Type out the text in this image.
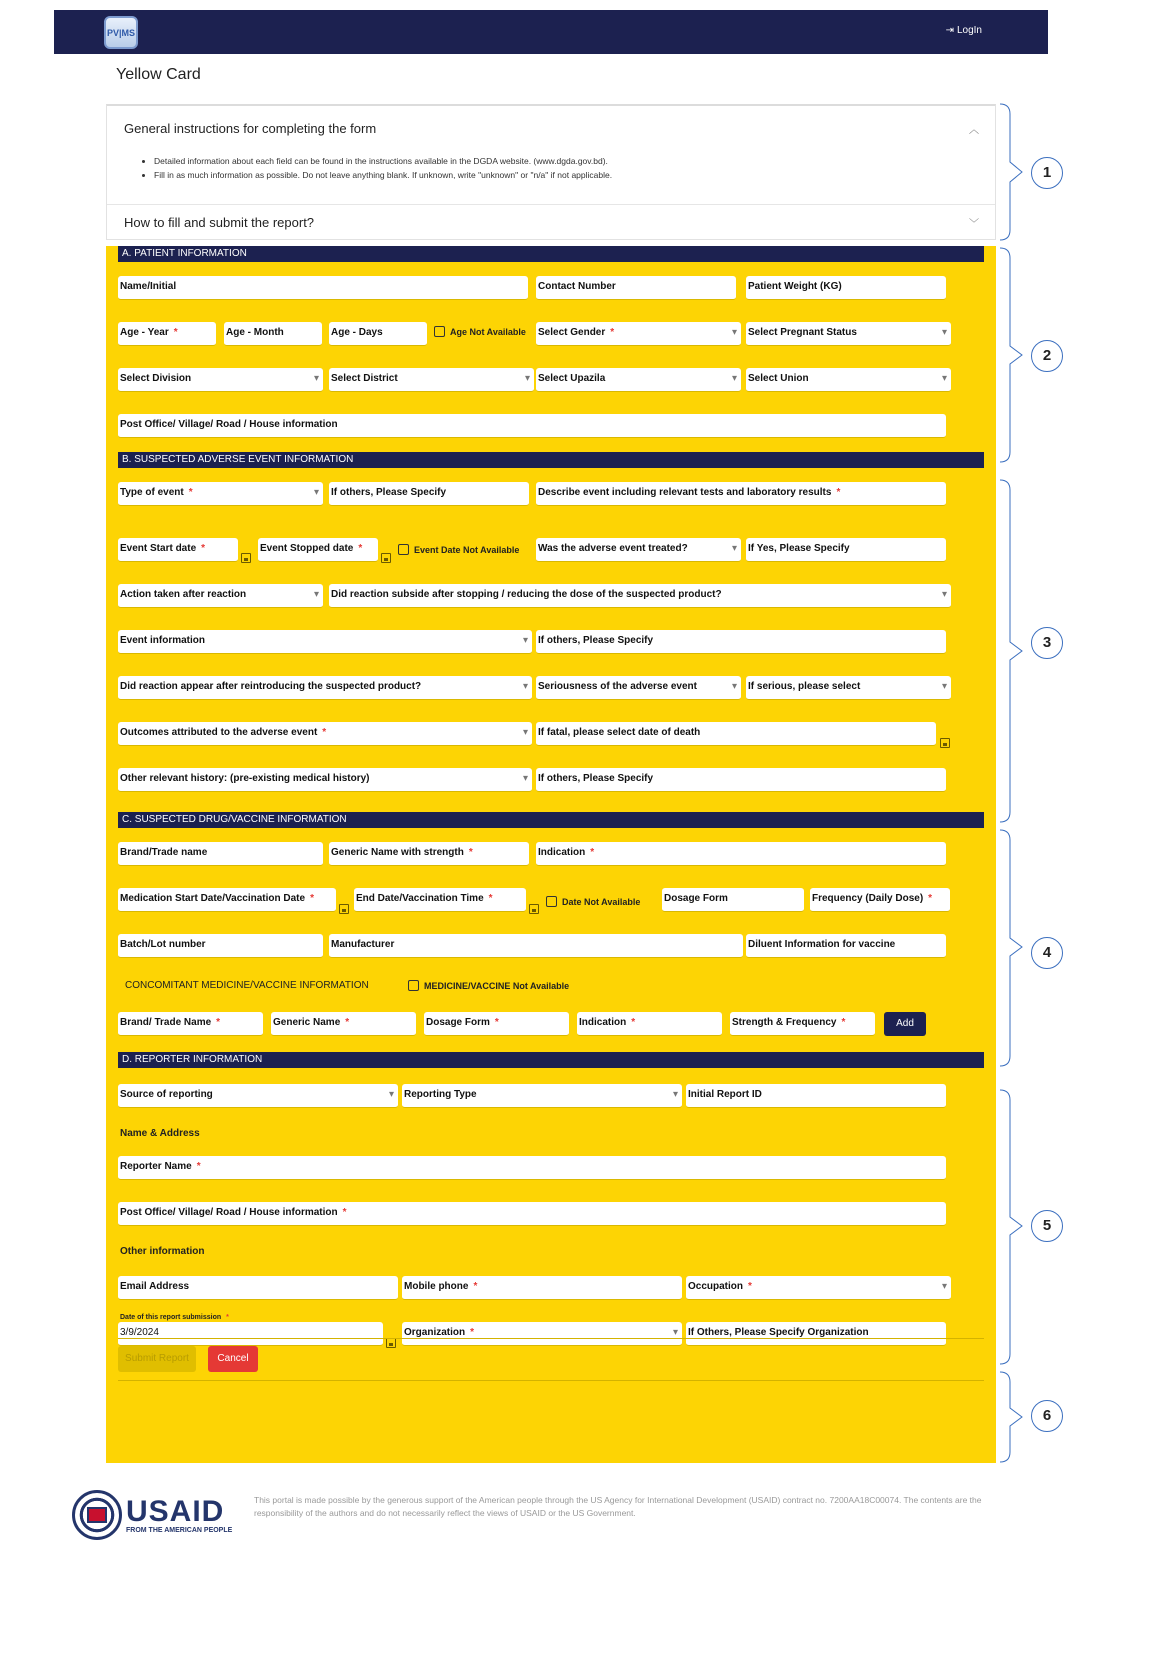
PV|MS	⇥ LogIn
Yellow Card
General instructions for completing the form	︿
• Detailed information about each field can be found in the instructions available in the DGDA website. (www.dgda.gov.bd).
• Fill in as much information as possible. Do not leave anything blank. If unknown, write "unknown" or "n/a" if not applicable.
How to fill and submit the report?	﹀
A. PATIENT INFORMATION
Name/Initial	Contact Number	Patient Weight (KG)
Age - Year *	Age - Month	Age - Days	Age Not Available Select Gender * ▾	Select Pregnant Status ▾
Select Division ▾	Select District ▾	Select Upazila ▾	Select Union ▾
Post Office/ Village/ Road / House information
B. SUSPECTED ADVERSE EVENT INFORMATION
Type of event * ▾	If others, Please Specify	Describe event including relevant tests and laboratory results *
Event Start date *	Event Stopped date *	Event Date Not Available Was the adverse event treated? ▾	If Yes, Please Specify
Action taken after reaction ▾	Did reaction subside after stopping / reducing the dose of the suspected product? ▾
Event information ▾	If others, Please Specify
Did reaction appear after reintroducing the suspected product? ▾	Seriousness of the adverse event ▾	If serious, please select ▾
Outcomes attributed to the adverse event * ▾	If fatal, please select date of death
Other relevant history: (pre-existing medical history) ▾	If others, Please Specify
C. SUSPECTED DRUG/VACCINE INFORMATION
Brand/Trade name	Generic Name with strength *	Indication *
Medication Start Date/Vaccination Date *	End Date/Vaccination Time *	Date Not Available Dosage Form	Frequency (Daily Dose) *
Batch/Lot number	Manufacturer	Diluent Information for vaccine
CONCOMITANT MEDICINE/VACCINE INFORMATION	MEDICINE/VACCINE Not Available
Brand/ Trade Name *	Generic Name *	Dosage Form *	Indication *	Strength & Frequency *	Add
D. REPORTER INFORMATION
Source of reporting ▾	Reporting Type ▾	Initial Report ID
Name & Address
Reporter Name *
Post Office/ Village/ Road / House information *
Other information
Email Address	Mobile phone *	Occupation * ▾
Date of this report submission *
3/9/2024	Organization * ▾	If Others, Please Specify Organization
Submit Report	Cancel
1
2
3
4
5
6
USAID
FROM THE AMERICAN PEOPLE
This portal is made possible by the generous support of the American people through the US Agency for International Development (USAID) contract no. 7200AA18C00074. The contents are the responsibility of the authors and do not necessarily reflect the views of USAID or the US Government.
